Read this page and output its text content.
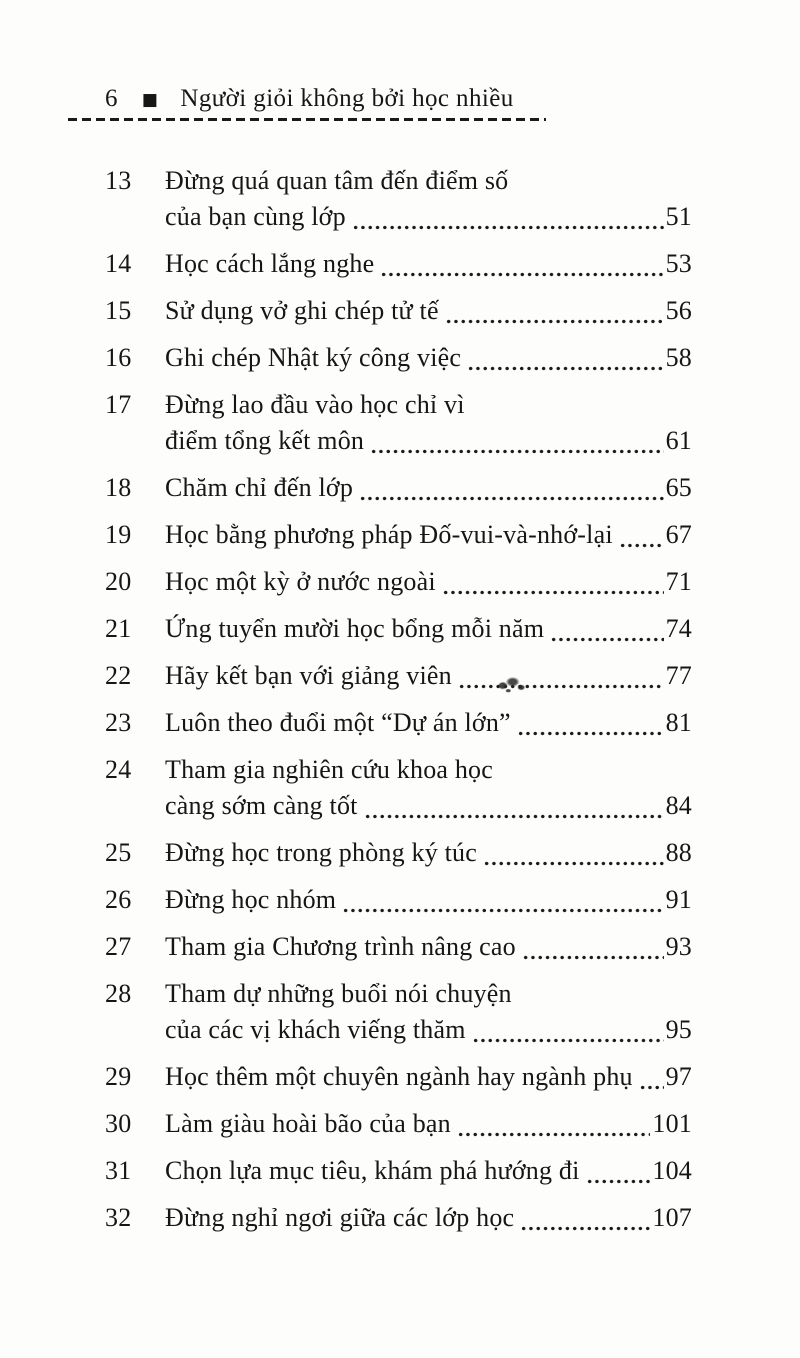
6 ■ Người giỏi không bởi học nhiều
13	Đừng quá quan tâm đến điểm số
của bạn cùng lớp	51
14	Học cách lắng nghe	53
15	Sử dụng vở ghi chép tử tế	56
16	Ghi chép Nhật ký công việc	58
17	Đừng lao đầu vào học chỉ vì
điểm tổng kết môn	61
18	Chăm chỉ đến lớp	65
19	Học bằng phương pháp Đố-vui-và-nhớ-lại 67
20	Học một kỳ ở nước ngoài	71
21	Ứng tuyển mười học bổng mỗi năm	74
22	Hãy kết bạn với giảng viên	77
23	Luôn theo đuổi một “Dự án lớn”	81
24	Tham gia nghiên cứu khoa học
càng sớm càng tốt	84
25	Đừng học trong phòng ký túc	88
26	Đừng học nhóm	91
27	Tham gia Chương trình nâng cao	93
28	Tham dự những buổi nói chuyện
của các vị khách viếng thăm	95
29	Học thêm một chuyên ngành hay ngành phụ 97
30	Làm giàu hoài bão của bạn	101
31	Chọn lựa mục tiêu, khám phá hướng đi	104
32	Đừng nghỉ ngơi giữa các lớp học	107
